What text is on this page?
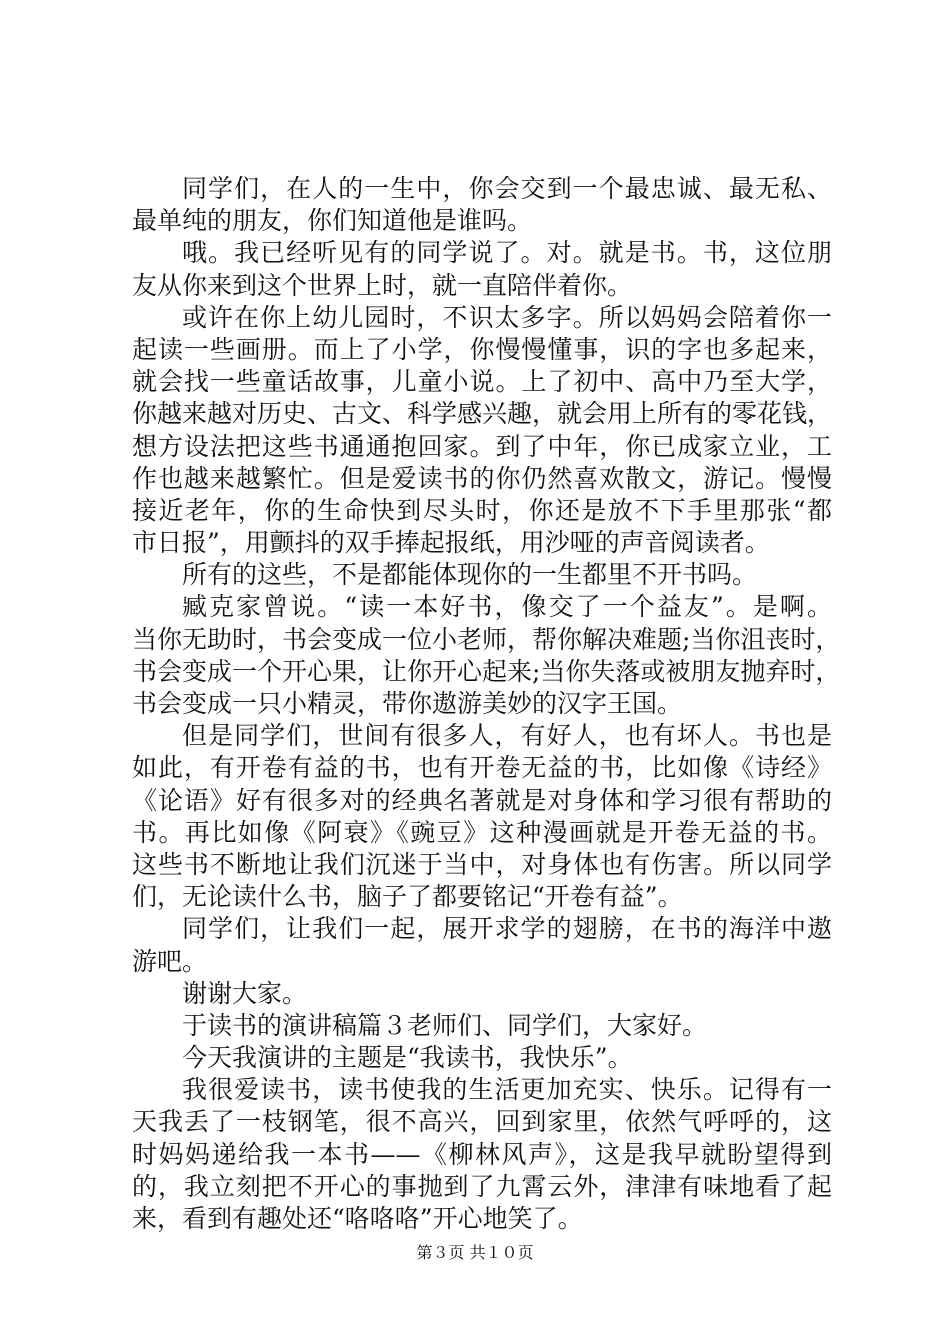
同学们，在人的一生中，你会交到一个最忠诚、最无私、
最单纯的朋友，你们知道他是谁吗。
哦。我已经听见有的同学说了。对。就是书。书，这位朋
友从你来到这个世界上时，就一直陪伴着你。
或许在你上幼儿园时，不识太多字。所以妈妈会陪着你一
起读一些画册。而上了小学，你慢慢懂事，识的字也多起来，
就会找一些童话故事，儿童小说。上了初中、高中乃至大学，
你越来越对历史、古文、科学感兴趣，就会用上所有的零花钱，
想方设法把这些书通通抱回家。到了中年，你已成家立业，工
作也越来越繁忙。但是爱读书的你仍然喜欢散文，游记。慢慢
接近老年，你的生命快到尽头时，你还是放不下手里那张“都
市日报”，用颤抖的双手捧起报纸，用沙哑的声音阅读者。
所有的这些，不是都能体现你的一生都里不开书吗。
臧克家曾说。“读一本好书，像交了一个益友”。是啊。
当你无助时，书会变成一位小老师，帮你解决难题;当你沮丧时，
书会变成一个开心果，让你开心起来;当你失落或被朋友抛弃时，
书会变成一只小精灵，带你遨游美妙的汉字王国。
但是同学们，世间有很多人，有好人，也有坏人。书也是
如此，有开卷有益的书，也有开卷无益的书，比如像《诗经》
《论语》好有很多对的经典名著就是对身体和学习很有帮助的
书。再比如像《阿衰》《豌豆》这种漫画就是开卷无益的书。
这些书不断地让我们沉迷于当中，对身体也有伤害。所以同学
们，无论读什么书，脑子了都要铭记“开卷有益”。
同学们，让我们一起，展开求学的翅膀，在书的海洋中遨
游吧。
谢谢大家。
于读书的演讲稿篇３老师们、同学们，大家好。
今天我演讲的主题是“我读书，我快乐”。
我很爱读书，读书使我的生活更加充实、快乐。记得有一
天我丢了一枝钢笔，很不高兴，回到家里，依然气呼呼的，这
时妈妈递给我一本书——《柳林风声》，这是我早就盼望得到
的，我立刻把不开心的事抛到了九霄云外，津津有味地看了起
来，看到有趣处还“咯咯咯”开心地笑了。
第３页 共１０页
